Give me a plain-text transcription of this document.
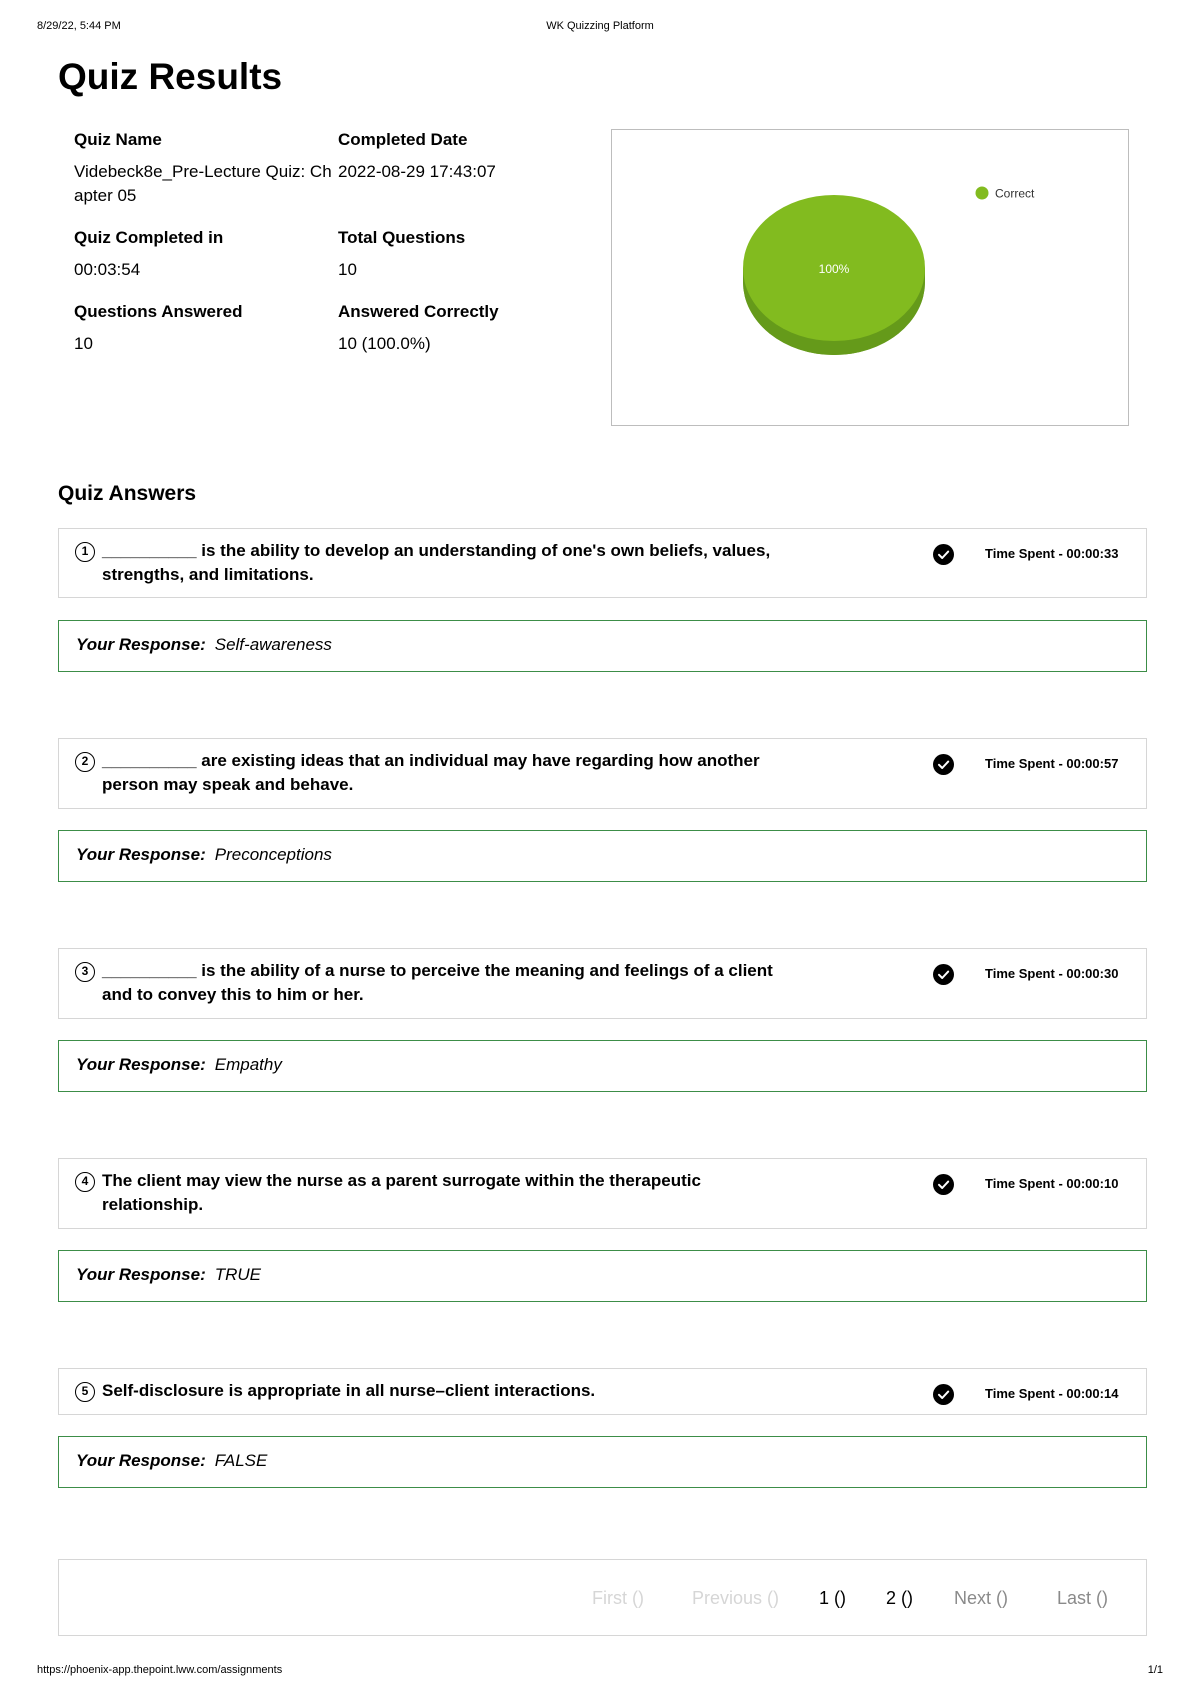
8/29/22, 5:44 PM	WK Quizzing Platform
Quiz Results
Quiz Name
Videbeck8e_Pre-Lecture Quiz: Chapter 05
Completed Date
2022-08-29 17:43:07
Quiz Completed in
00:03:54
Total Questions
10
Questions Answered
10
Answered Correctly
10 (100.0%)
100%
Correct
Quiz Answers
1 __________ is the ability to develop an understanding of one's own beliefs, values, strengths, and limitations.
Time Spent - 00:00:33
Your Response: Self-awareness
2 __________ are existing ideas that an individual may have regarding how another person may speak and behave.
Time Spent - 00:00:57
Your Response: Preconceptions
3 __________ is the ability of a nurse to perceive the meaning and feelings of a client and to convey this to him or her.
Time Spent - 00:00:30
Your Response: Empathy
4 The client may view the nurse as a parent surrogate within the therapeutic relationship.
Time Spent - 00:00:10
Your Response: TRUE
5 Self-disclosure is appropriate in all nurse–client interactions.	Time Spent - 00:00:14
Your Response: FALSE
First ()	Previous () 1 () 2 () Next ()	Last ()
https://phoenix-app.thepoint.lww.com/assignments	1/1
